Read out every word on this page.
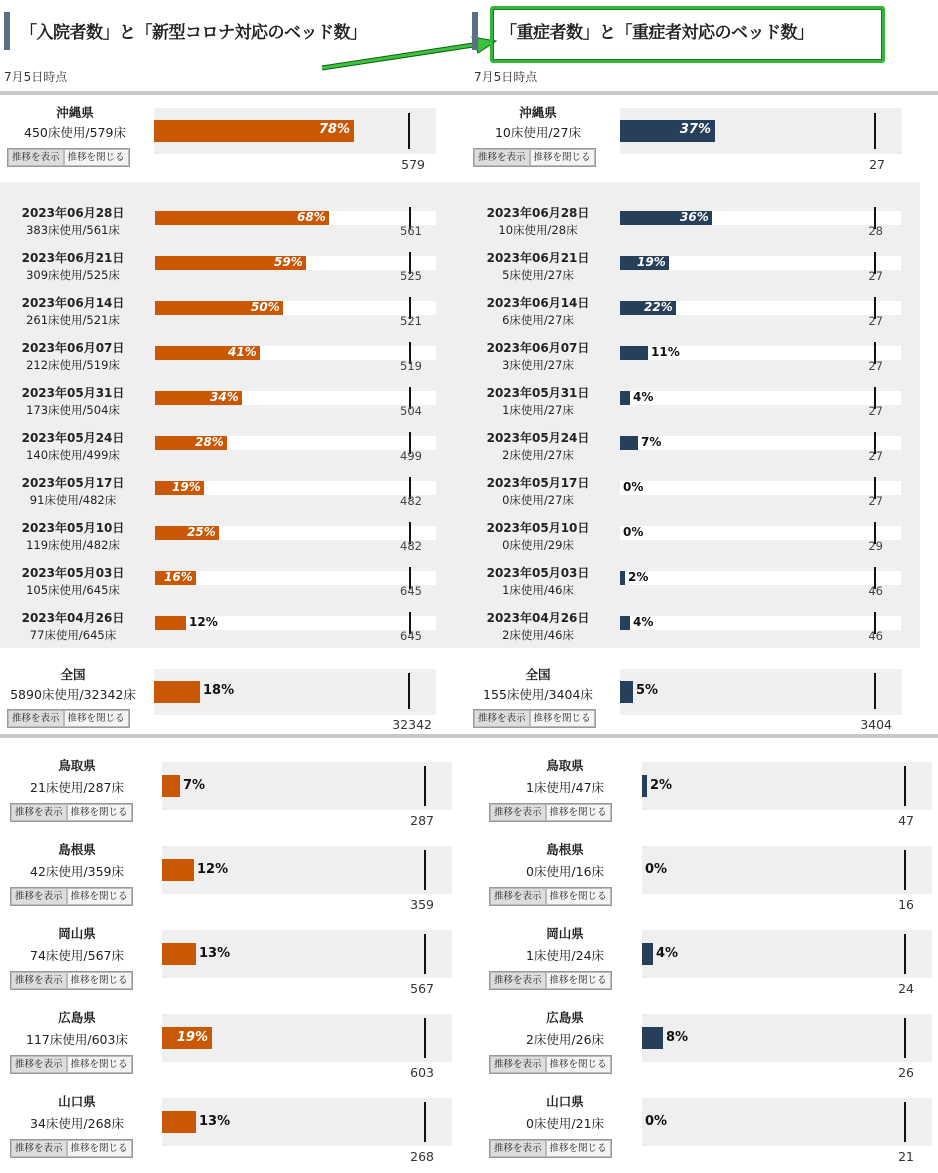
「入院者数」と「新型コロナ対応のベッド数」
7月5日時点
「重症者数」と「重症者対応のベッド数」
7月5日時点
沖縄県
450床使用/579床
推移を表示 推移を閉じる
78%
579
沖縄県
10床使用/27床
推移を表示 推移を閉じる
37%
27
2023年06月28日
383床使用/561床
68%
561
2023年06月28日
10床使用/28床
36%
28
2023年06月21日
309床使用/525床
59%
525
2023年06月21日
5床使用/27床
19%
27
2023年06月14日
261床使用/521床
50%
521
2023年06月14日
6床使用/27床
22%
27
2023年06月07日
212床使用/519床
41%
519
2023年06月07日
3床使用/27床
11%
27
2023年05月31日
173床使用/504床
34%
504
2023年05月31日
1床使用/27床
4%
27
2023年05月24日
140床使用/499床
28%
499
2023年05月24日
2床使用/27床
7%
27
2023年05月17日
91床使用/482床
19%
482
2023年05月17日
0床使用/27床
0%
27
2023年05月10日
119床使用/482床
25%
482
2023年05月10日
0床使用/29床
0%
29
2023年05月03日
105床使用/645床
16%
645
2023年05月03日
1床使用/46床
2%
46
2023年04月26日
77床使用/645床
12%
645
2023年04月26日
2床使用/46床
4%
46
全国
5890床使用/32342床
推移を表示 推移を閉じる
18%
32342
全国
155床使用/3404床
推移を表示 推移を閉じる
5%
3404
鳥取県
21床使用/287床
推移を表示 推移を閉じる
7%
287
鳥取県
1床使用/47床
推移を表示 推移を閉じる
2%
47
島根県
42床使用/359床
推移を表示 推移を閉じる
12%
359
島根県
0床使用/16床
推移を表示 推移を閉じる
0%
16
岡山県
74床使用/567床
推移を表示 推移を閉じる
13%
567
岡山県
1床使用/24床
推移を表示 推移を閉じる
4%
24
広島県
117床使用/603床
推移を表示 推移を閉じる
19%
603
広島県
2床使用/26床
推移を表示 推移を閉じる
8%
26
山口県
34床使用/268床
推移を表示 推移を閉じる
13%
268
山口県
0床使用/21床
推移を表示 推移を閉じる
0%
21
